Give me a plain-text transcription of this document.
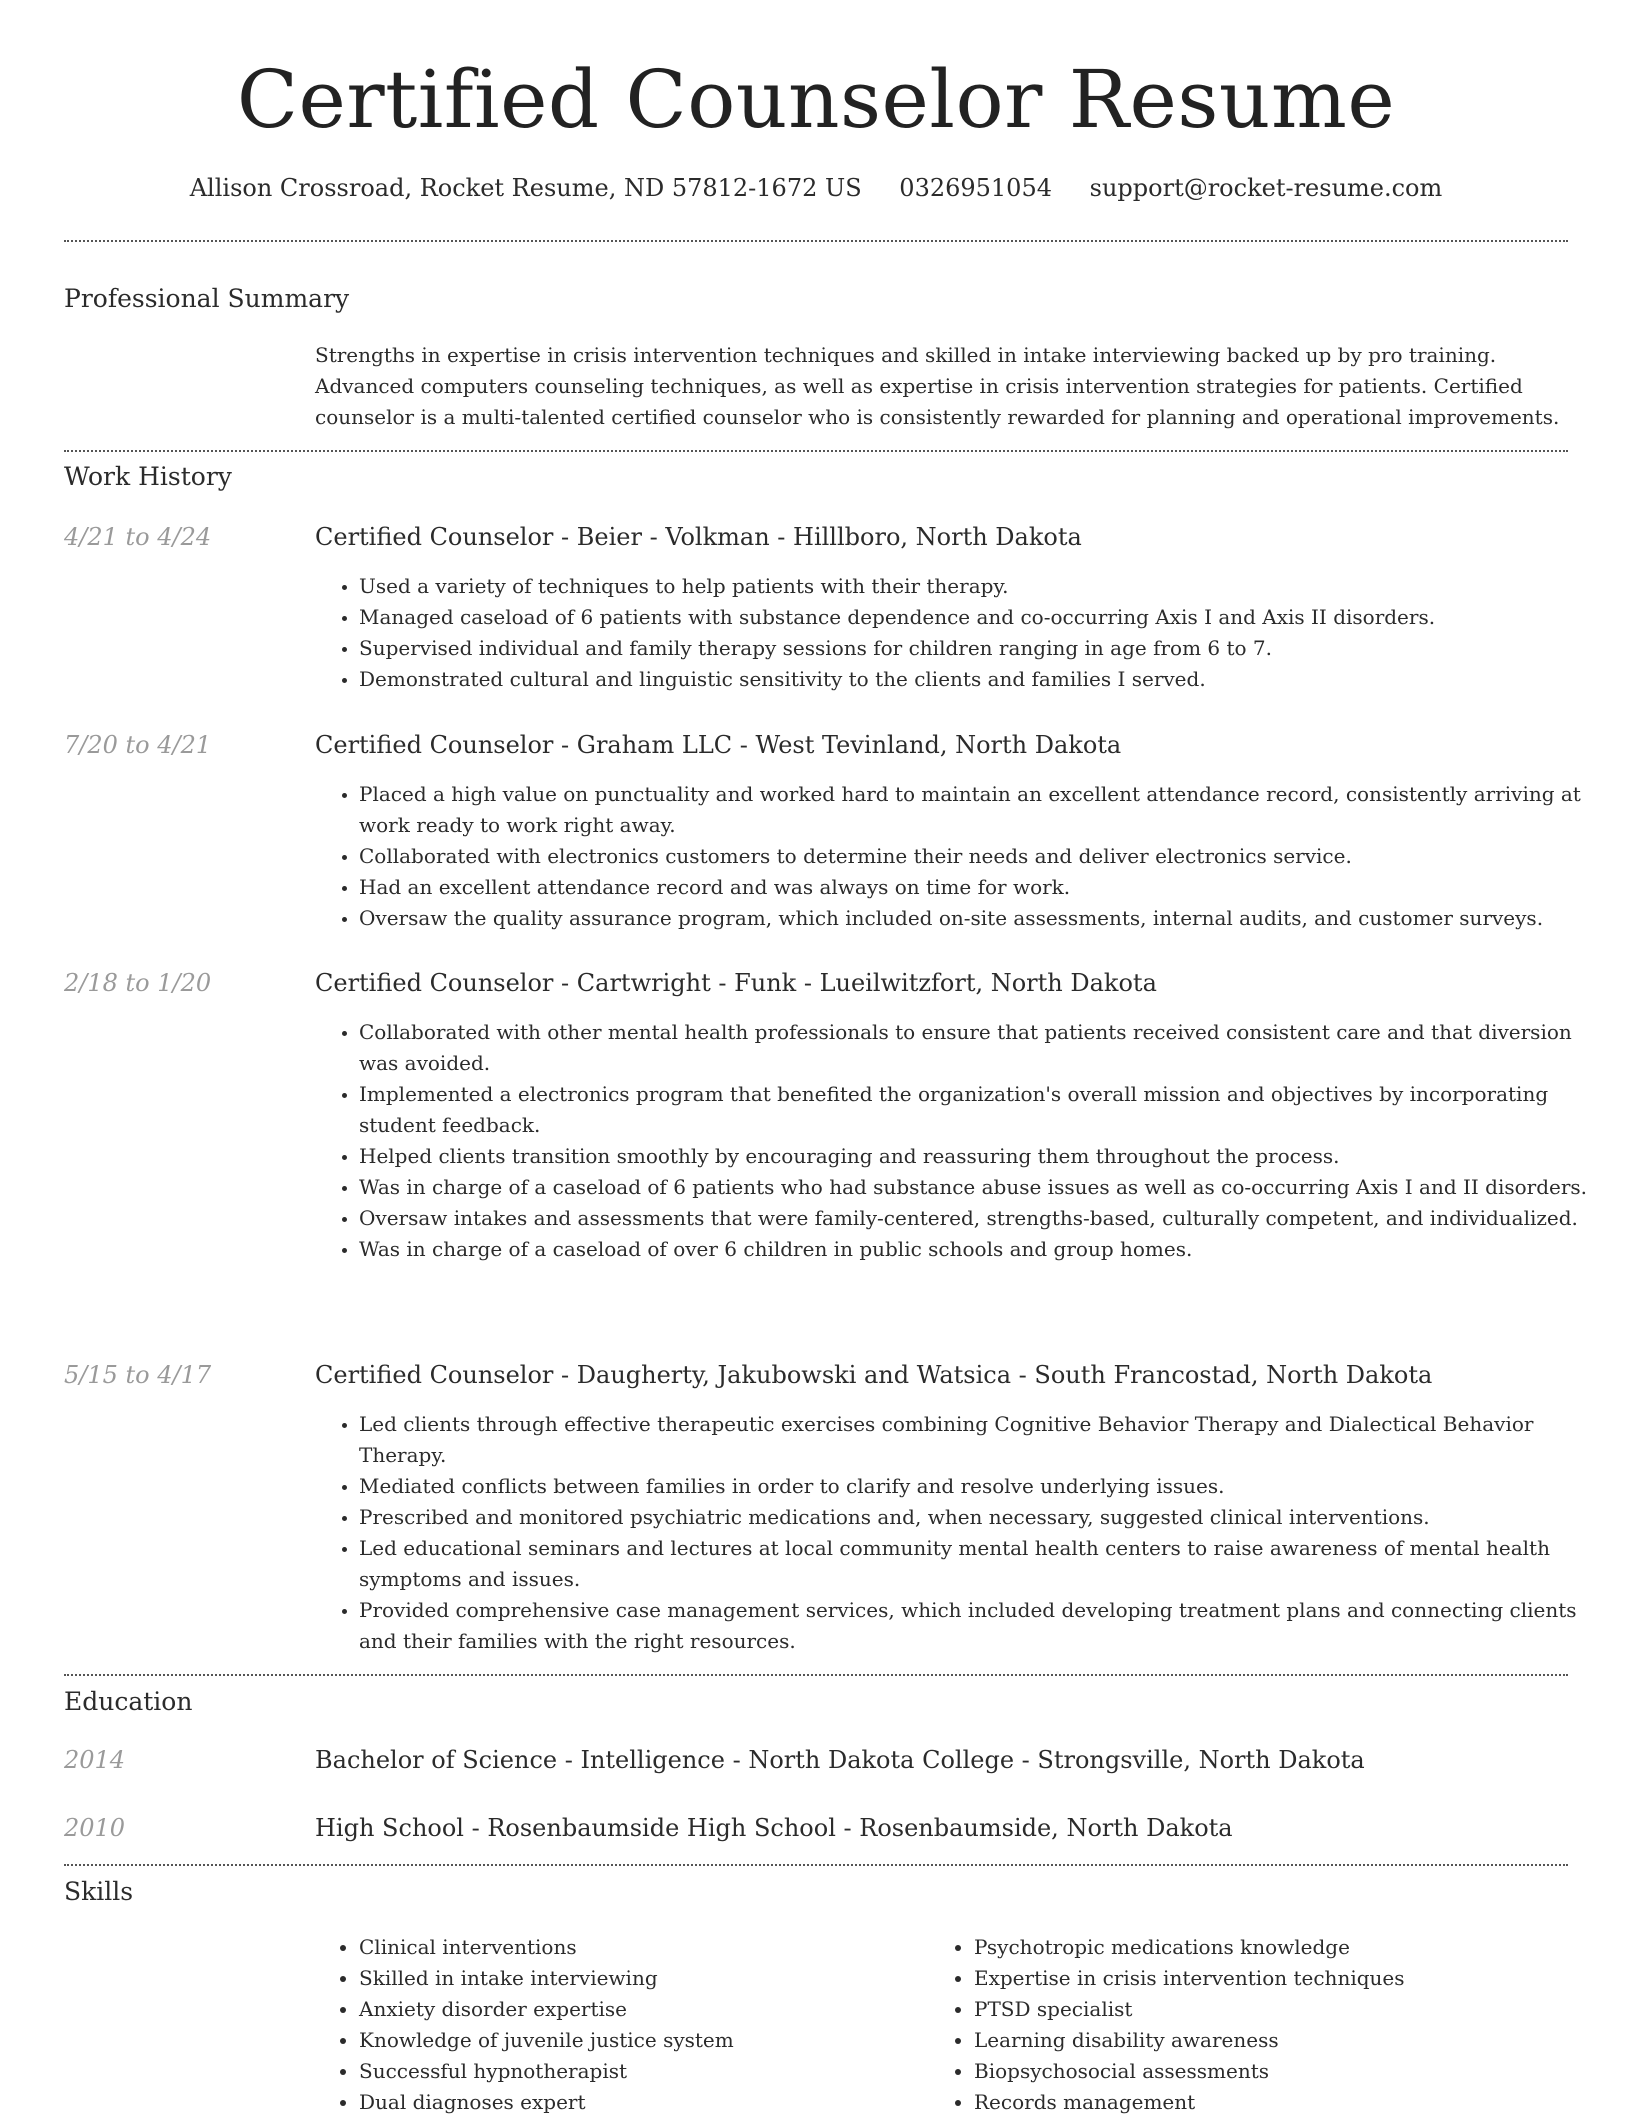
Certified Counselor Resume
Allison Crossroad, Rocket Resume, ND 57812-1672 US 0326951054 support@rocket-resume.com
Professional Summary

Strengths in expertise in crisis intervention techniques and skilled in intake interviewing backed up by pro training. Advanced computers counseling techniques, as well as expertise in crisis intervention strategies for patients. Certified counselor is a multi-talented certified counselor who is consistently rewarded for planning and operational improvements.

Work History
4/21 to 4/24	Certified Counselor - Beier - Volkman - Hilllboro, North Dakota
• Used a variety of techniques to help patients with their therapy.
• Managed caseload of 6 patients with substance dependence and co-occurring Axis I and Axis II disorders.
• Supervised individual and family therapy sessions for children ranging in age from 6 to 7.
• Demonstrated cultural and linguistic sensitivity to the clients and families I served.
7/20 to 4/21	Certified Counselor - Graham LLC - West Tevinland, North Dakota
• Placed a high value on punctuality and worked hard to maintain an excellent attendance record, consistently arriving at work ready to work right away.
• Collaborated with electronics customers to determine their needs and deliver electronics service.
• Had an excellent attendance record and was always on time for work.
• Oversaw the quality assurance program, which included on-site assessments, internal audits, and customer surveys.
2/18 to 1/20	Certified Counselor - Cartwright - Funk - Lueilwitzfort, North Dakota
• Collaborated with other mental health professionals to ensure that patients received consistent care and that diversion was avoided.
• Implemented a electronics program that benefited the organization's overall mission and objectives by incorporating student feedback.
• Helped clients transition smoothly by encouraging and reassuring them throughout the process.
• Was in charge of a caseload of 6 patients who had substance abuse issues as well as co-occurring Axis I and II disorders.
• Oversaw intakes and assessments that were family-centered, strengths-based, culturally competent, and individualized.
• Was in charge of a caseload of over 6 children in public schools and group homes.
5/15 to 4/17	Certified Counselor - Daugherty, Jakubowski and Watsica - South Francostad, North Dakota
• Led clients through effective therapeutic exercises combining Cognitive Behavior Therapy and Dialectical Behavior Therapy.
• Mediated conflicts between families in order to clarify and resolve underlying issues.
• Prescribed and monitored psychiatric medications and, when necessary, suggested clinical interventions.
• Led educational seminars and lectures at local community mental health centers to raise awareness of mental health symptoms and issues.
• Provided comprehensive case management services, which included developing treatment plans and connecting clients and their families with the right resources.
Education
2014	Bachelor of Science - Intelligence - North Dakota College - Strongsville, North Dakota
2010	High School - Rosenbaumside High School - Rosenbaumside, North Dakota
Skills
• Clinical interventions
• Skilled in intake interviewing
• Anxiety disorder expertise
• Knowledge of juvenile justice system
• Successful hypnotherapist
• Dual diagnoses expert
• Psychotropic medications knowledge
• Expertise in crisis intervention techniques
• PTSD specialist
• Learning disability awareness
• Biopsychosocial assessments
• Records management
